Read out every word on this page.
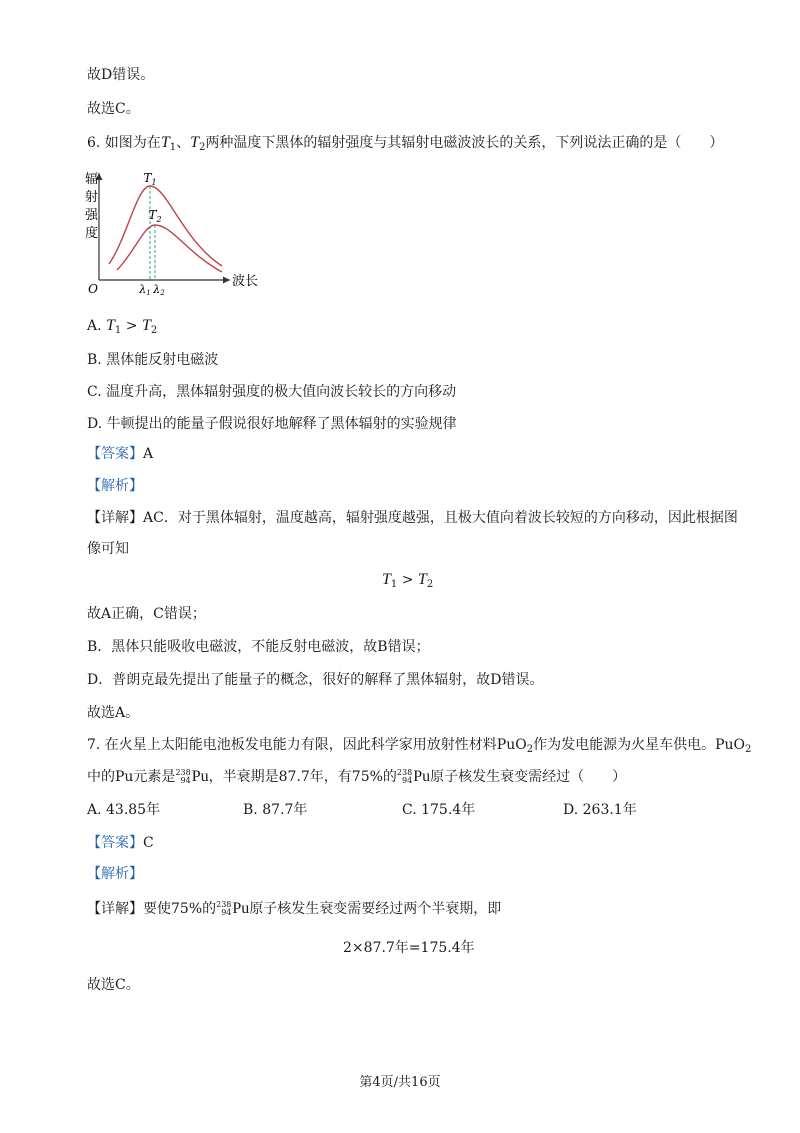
故D错误。
故选C。
6. 如图为在$T_1$、$T_2$两种温度下黑体的辐射强度与其辐射电磁波波长的关系，下列说法正确的是（　　）
$T_1$
$T_2$
辐
射
强
度
波长
O	λ1 λ2
A. $T_1 > T_2$
B. 黑体能反射电磁波
C. 温度升高，黑体辐射强度的极大值向波长较长的方向移动
D. 牛顿提出的能量子假说很好地解释了黑体辐射的实验规律
【答案】A
【解析】
【详解】AC．对于黑体辐射，温度越高，辐射强度越强，且极大值向着波长较短的方向移动，因此根据图
像可知
$T_1 > T_2$
故A正确，C错误；
B．黑体只能吸收电磁波，不能反射电磁波，故B错误；
D．普朗克最先提出了能量子的概念，很好的解释了黑体辐射，故D错误。
故选A。
7. 在火星上太阳能电池板发电能力有限，因此科学家用放射性材料PuO$_2$作为发电能源为火星车供电。PuO$_2$
中的Pu元素是 238
94 Pu，半衰期是87.7年，有75%的 238
94 Pu原子核发生衰变需经过（　　）
A. 43.85年	B. 87.7年	C. 175.4年	D. 263.1年
【答案】C
【解析】
【详解】要使75%的 238
94 Pu原子核发生衰变需要经过两个半衰期，即
2×87.7年=175.4年
故选C。
第4页/共16页
